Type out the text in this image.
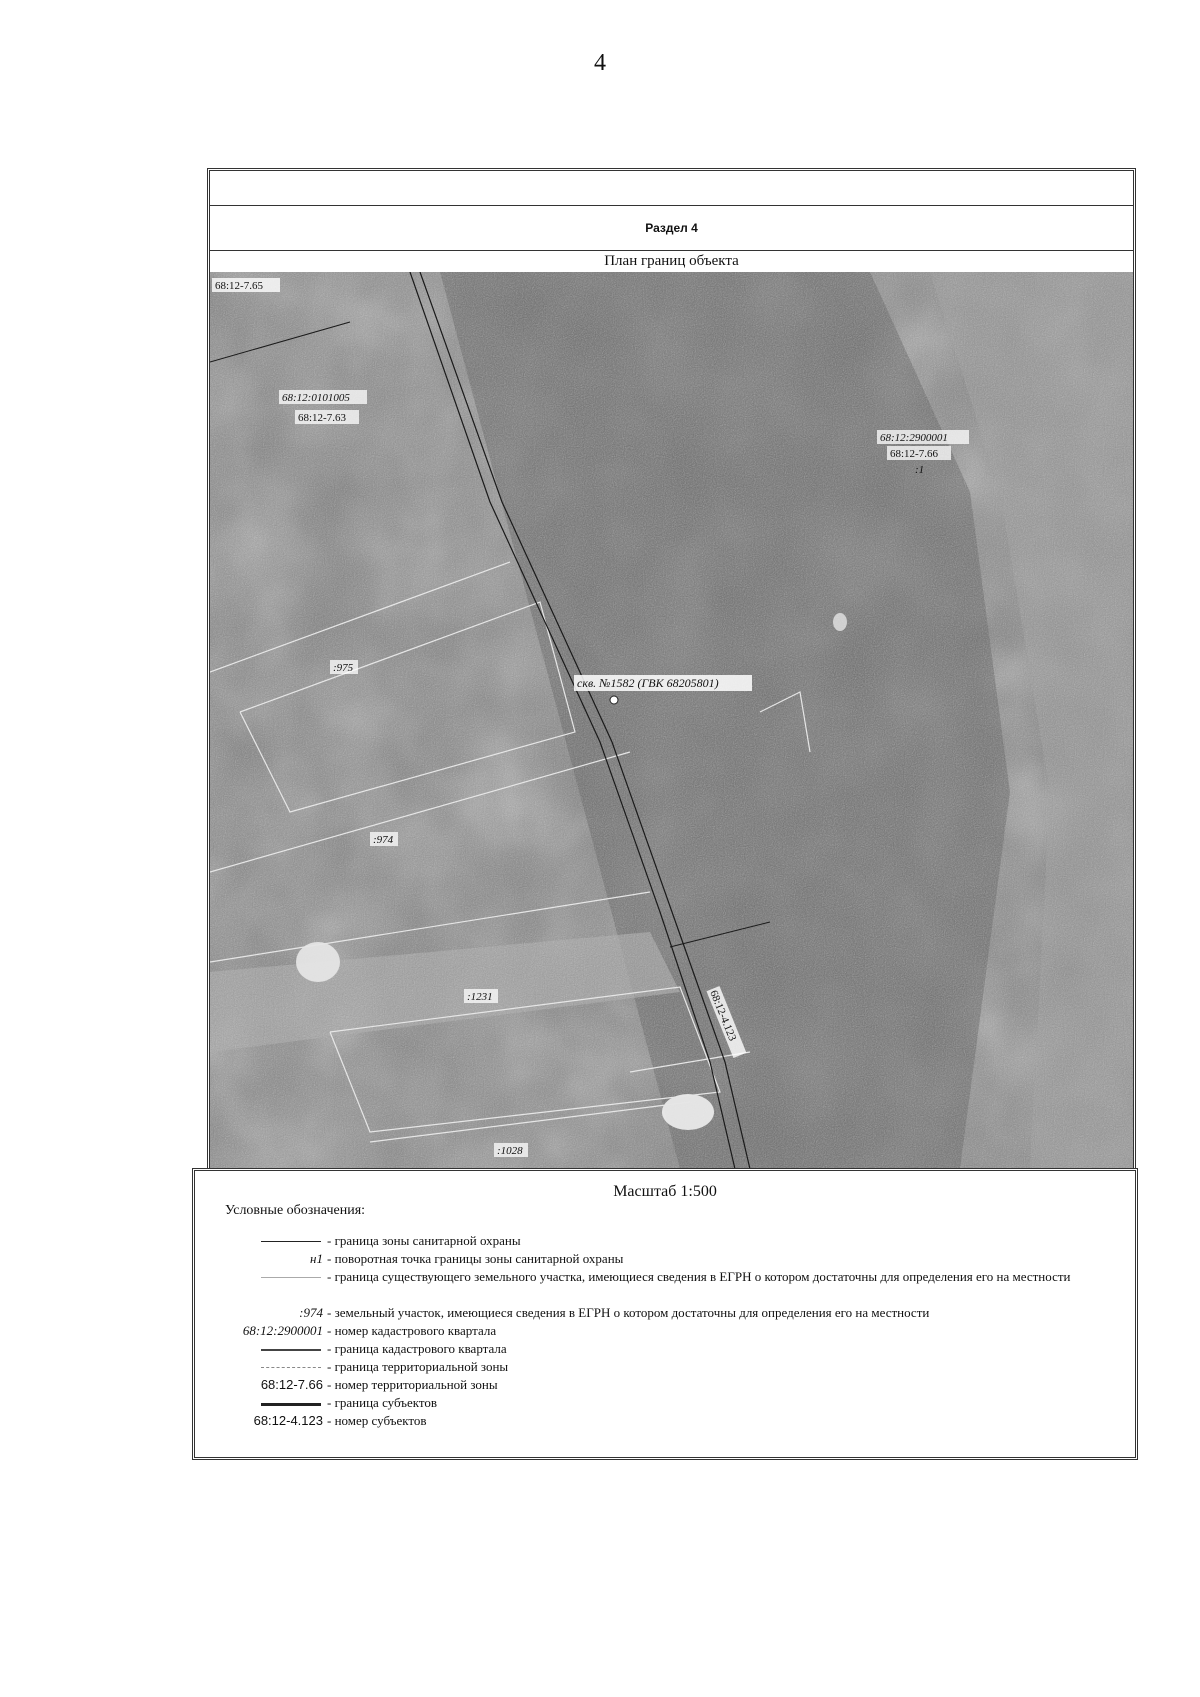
4
Раздел 4
План границ объекта
68:12-7.65
68:12:0101005
68:12-7.63
68:12:2900001
68:12-7.66
:1
:975
скв. №1582 (ГВК 68205801)
:974
:1231
:1028
68:12-4.123
Масштаб 1:500
Условные обозначения:
- граница зоны санитарной охраны
н1 - поворотная точка границы зоны санитарной охраны
- граница существующего земельного участка, имеющиеся сведения в ЕГРН о котором достаточны для определения его на местности
:974 - земельный участок, имеющиеся сведения в ЕГРН о котором достаточны для определения его на местности
68:12:2900001 - номер кадастрового квартала
- граница кадастрового квартала
- граница территориальной зоны
68:12-7.66 - номер территориальной зоны
- граница субъектов
68:12-4.123 - номер субъектов
